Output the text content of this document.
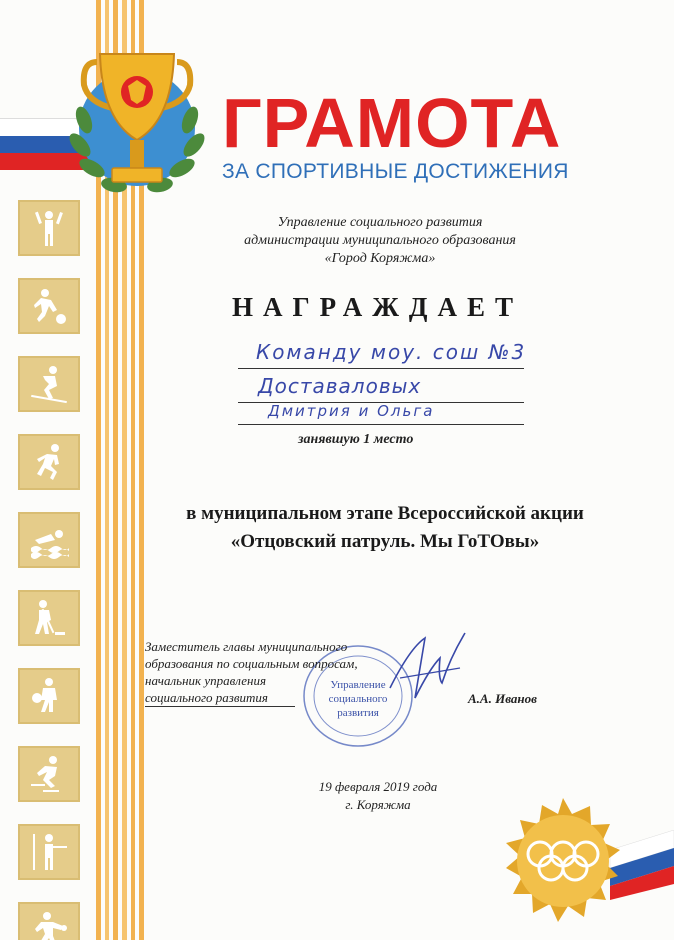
ГРАМОТА
ЗА СПОРТИВНЫЕ ДОСТИЖЕНИЯ
Управление социального развития
администрации муниципального образования
«Город Коряжма»
НАГРАЖДАЕТ
Команду моу. сош №3
Доставаловых
Дмитрия и Ольга
занявшую 1 место
в муниципальном этапе Всероссийской акции
«Отцовский патруль. Мы ГоТОвы»
Управление
социального
развития
Заместитель главы муниципального
образования по социальным вопросам,
начальник управления
социального развития	А.А. Иванов
19 февраля 2019 года
г. Коряжма
